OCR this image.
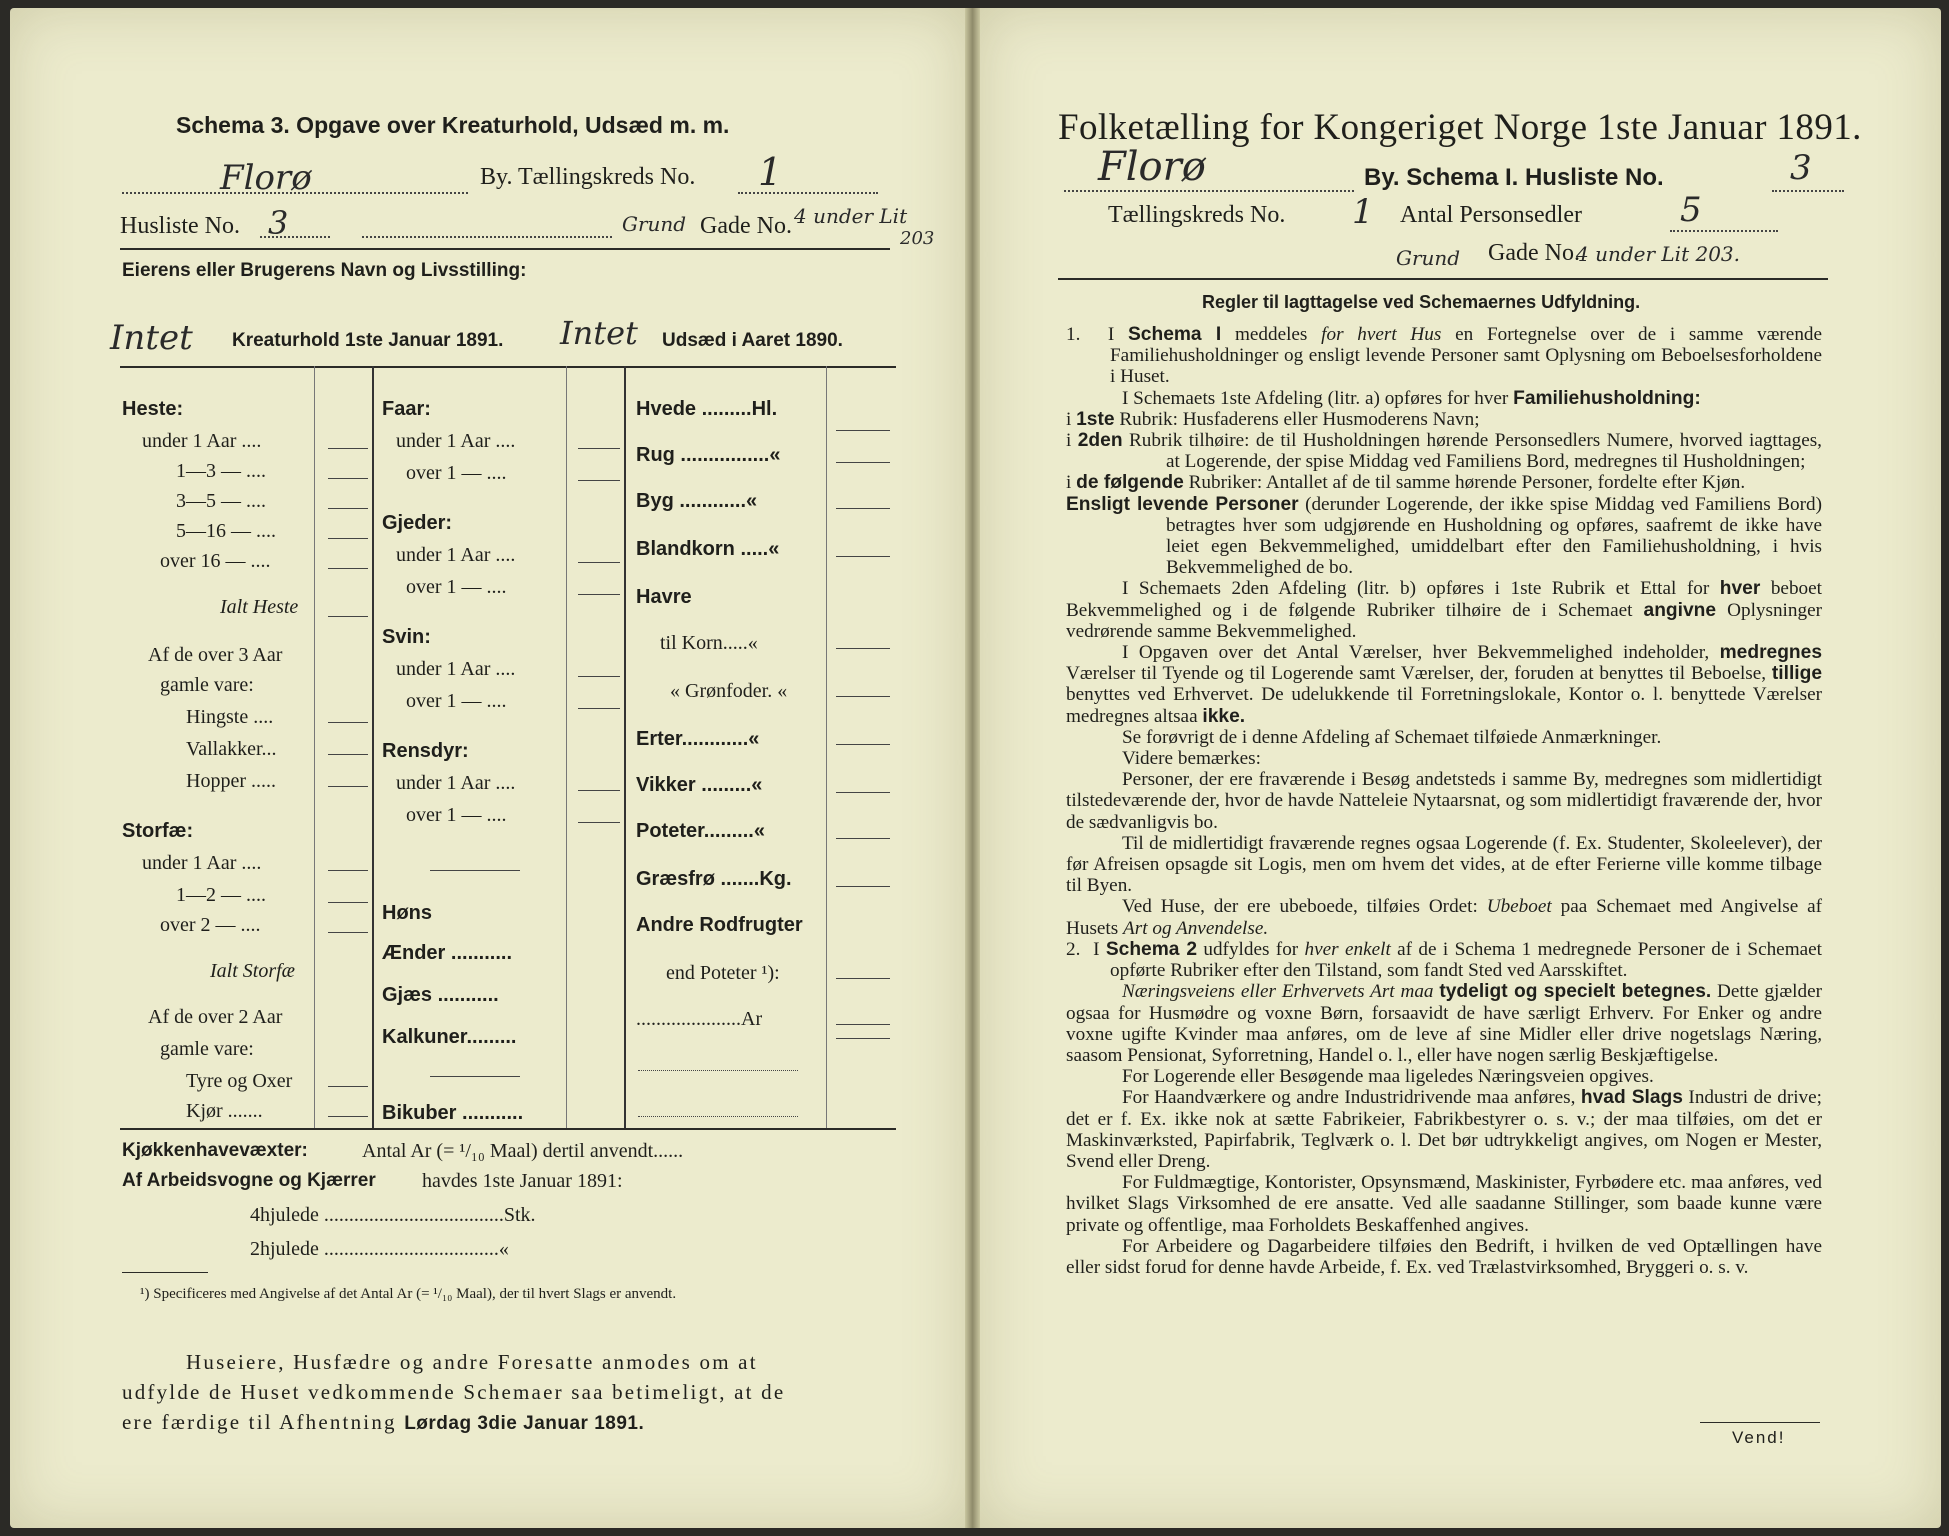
Schema 3. Opgave over Kreaturhold, Udsæd m. m.
Florø	By. Tællingskreds No. 1
Husliste No. 3	Grund Gade No. 4 under Lit
203
Eierens eller Brugerens Navn og Livsstilling:
Intet Kreaturhold 1ste Januar 1891. Intet Udsæd i Aaret 1890.
Heste:
under 1 Aar ....
1—3 — ....
3—5 — ....
5—16 — ....
over 16 — ....
Ialt Heste
Af de over 3 Aar
gamle vare:
Hingste ....
Vallakker...
Hopper .....
Storfæ:
under 1 Aar ....
1—2 — ....
over 2 — ....
Ialt Storfæ
Af de over 2 Aar
gamle vare:
Tyre og Oxer
Kjør .......
Faar:
under 1 Aar ....
over 1 — ....
Gjeder:
under 1 Aar ....
over 1 — ....
Svin:
under 1 Aar ....
over 1 — ....
Rensdyr:
under 1 Aar ....
over 1 — ....
Høns
Ænder ...........
Gjæs ...........
Kalkuner.........
Bikuber ...........
Hvede .........Hl.
Rug ................«
Byg ............«
Blandkorn .....«
Havre
til Korn.....«
« Grønfoder. «
Erter............«
Vikker .........«
Poteter.........«
Græsfrø .......Kg.
Andre Rodfrugter
end Poteter ¹):
.....................Ar
Kjøkkenhavevæxter:	Antal Ar (= ¹/₁₀ Maal) dertil anvendt......
Af Arbeidsvogne og Kjærrer havdes 1ste Januar 1891:
4hjulede ....................................Stk.
2hjulede ...................................«
¹) Specificeres med Angivelse af det Antal Ar (= ¹/₁₀ Maal), der til hvert Slags er anvendt.
Huseiere, Husfædre og andre Foresatte anmodes om at
udfylde de Huset vedkommende Schemaer saa betimeligt, at de
ere færdige til Afhentning Lørdag 3die Januar 1891.
Folketælling for Kongeriget Norge 1ste Januar 1891.
Florø	By. Schema I. Husliste No.	3
Tællingskreds No. 1 Antal Personsedler	5
Grund Gade No.
4 under Lit 203.
Regler til Iagttagelse ved Schemaernes Udfyldning.

1.  I Schema I meddeles for hvert Hus en Fortegnelse over de i samme værende Familiehusholdninger og ensligt levende Personer samt Oplysning om Beboelsesforholdene i Huset.

I Schemaets 1ste Afdeling (litr. a) opføres for hver Familiehusholdning:

i 1ste Rubrik: Husfaderens eller Husmoderens Navn;

i 2den Rubrik tilhøire: de til Husholdningen hørende Personsedlers Numere, hvorved iagttages, at Logerende, der spise Middag ved Familiens Bord, medregnes til Husholdningen;

i de følgende Rubriker: Antallet af de til samme hørende Personer, fordelte efter Kjøn.

Ensligt levende Personer (derunder Logerende, der ikke spise Middag ved Familiens Bord) betragtes hver som udgjørende en Husholdning og opføres, saafremt de ikke have leiet egen Bekvemmelighed, umiddelbart efter den Familiehusholdning, i hvis Bekvemmelighed de bo.

I Schemaets 2den Afdeling (litr. b) opføres i 1ste Rubrik et Ettal for hver beboet Bekvemmelighed og i de følgende Rubriker tilhøire de i Schemaet angivne Oplysninger vedrørende samme Bekvemmelighed.

I Opgaven over det Antal Værelser, hver Bekvemmelighed indeholder, medregnes Værelser til Tyende og til Logerende samt Værelser, der, foruden at benyttes til Beboelse, tillige benyttes ved Erhvervet. De udelukkende til Forretningslokale, Kontor o. l. benyttede Værelser medregnes altsaa ikke.

Se forøvrigt de i denne Afdeling af Schemaet tilføiede Anmærkninger.

Videre bemærkes:

Personer, der ere fraværende i Besøg andetsteds i samme By, medregnes som midlertidigt tilstedeværende der, hvor de havde Natteleie Nytaarsnat, og som midlertidigt fraværende der, hvor de sædvanligvis bo.

Til de midlertidigt fraværende regnes ogsaa Logerende (f. Ex. Studenter, Skoleelever), der før Afreisen opsagde sit Logis, men om hvem det vides, at de efter Ferierne ville komme tilbage til Byen.

Ved Huse, der ere ubeboede, tilføies Ordet: Ubeboet paa Schemaet med Angivelse af Husets Art og Anvendelse.

2.  I Schema 2 udfyldes for hver enkelt af de i Schema 1 medregnede Personer de i Schemaet opførte Rubriker efter den Tilstand, som fandt Sted ved Aarsskiftet.

Næringsveiens eller Erhvervets Art maa tydeligt og specielt betegnes. Dette gjælder ogsaa for Husmødre og voxne Børn, forsaavidt de have særligt Erhverv. For Enker og andre voxne ugifte Kvinder maa anføres, om de leve af sine Midler eller drive nogetslags Næring, saasom Pensionat, Syforretning, Handel o. l., eller have nogen særlig Beskjæftigelse.

For Logerende eller Besøgende maa ligeledes Næringsveien opgives.

For Haandværkere og andre Industridrivende maa anføres, hvad Slags Industri de drive; det er f. Ex. ikke nok at sætte Fabrikeier, Fabrikbestyrer o. s. v.; der maa tilføies, om det er Maskinværksted, Papirfabrik, Teglværk o. l. Det bør udtrykkeligt angives, om Nogen er Mester, Svend eller Dreng.

For Fuldmægtige, Kontorister, Opsynsmænd, Maskinister, Fyrbødere etc. maa anføres, ved hvilket Slags Virksomhed de ere ansatte. Ved alle saadanne Stillinger, som baade kunne være private og offentlige, maa Forholdets Beskaffenhed angives.

For Arbeidere og Dagarbeidere tilføies den Bedrift, i hvilken de ved Optællingen have eller sidst forud for denne havde Arbeide, f. Ex. ved Trælastvirksomhed, Bryggeri o. s. v.

Vend!
